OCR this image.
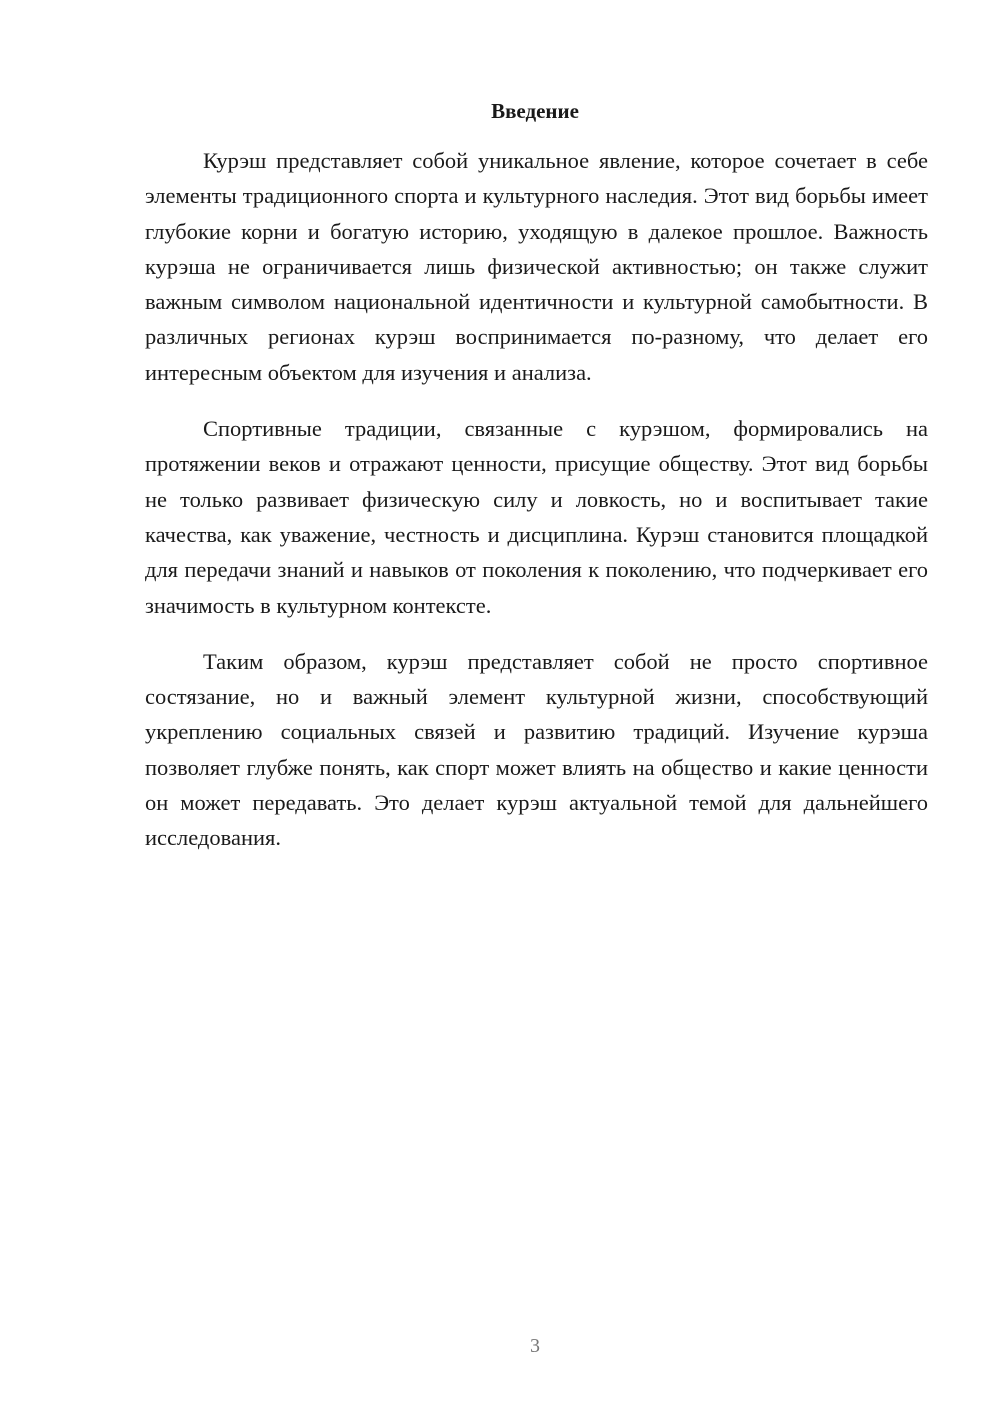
Введение

Курэш представляет собой уникальное явление, которое сочетает в себе элементы традиционного спорта и культурного наследия. Этот вид борьбы имеет глубокие корни и богатую историю, уходящую в далекое прошлое. Важность курэша не ограничивается лишь физической активностью; он также служит важным символом национальной идентичности и культурной самобытности. В различных регионах курэш воспринимается по-разному, что делает его интересным объектом для изучения и анализа.

Спортивные традиции, связанные с курэшом, формировались на протяжении веков и отражают ценности, присущие обществу. Этот вид борьбы не только развивает физическую силу и ловкость, но и воспитывает такие качества, как уважение, честность и дисциплина. Курэш становится площадкой для передачи знаний и навыков от поколения к поколению, что подчеркивает его значимость в культурном контексте.

Таким образом, курэш представляет собой не просто спортивное состязание, но и важный элемент культурной жизни, способствующий укреплению социальных связей и развитию традиций. Изучение курэша позволяет глубже понять, как спорт может влиять на общество и какие ценности он может передавать. Это делает курэш актуальной темой для дальнейшего исследования.

3
